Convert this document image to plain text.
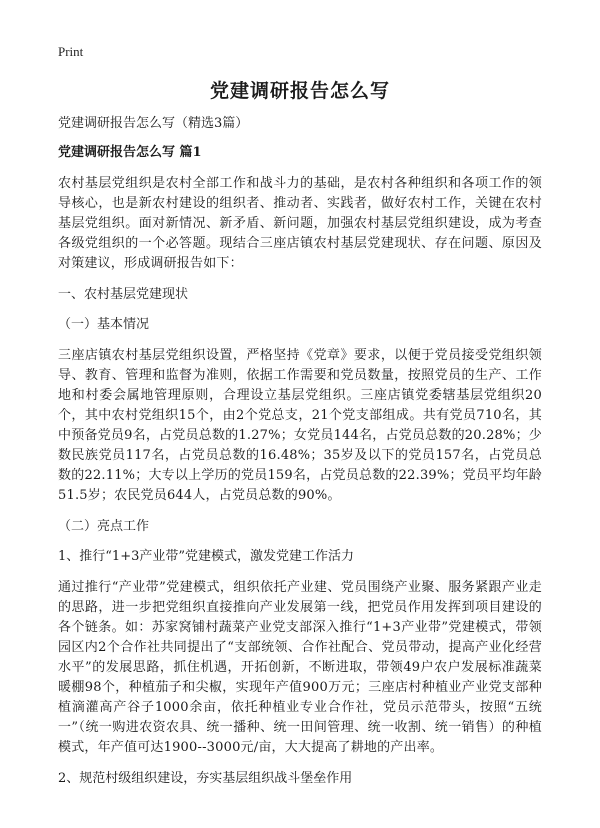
Print
党建调研报告怎么写
党建调研报告怎么写（精选3篇）
党建调研报告怎么写 篇1

农村基层党组织是农村全部工作和战斗力的基础，是农村各种组织和各项工作的领导核心，也是新农村建设的组织者、推动者、实践者，做好农村工作，关键在农村基层党组织。面对新情况、新矛盾、新问题，加强农村基层党组织建设，成为考查各级党组织的一个必答题。现结合三座店镇农村基层党建现状、存在问题、原因及对策建议，形成调研报告如下：

一、农村基层党建现状
（一）基本情况

三座店镇农村基层党组织设置，严格坚持《党章》要求，以便于党员接受党组织领导、教育、管理和监督为准则，依据工作需要和党员数量，按照党员的生产、工作地和村委会属地管理原则，合理设立基层党组织。三座店镇党委辖基层党组织20个，其中农村党组织15个，由2个党总支，21个党支部组成。共有党员710名，其中预备党员9名，占党员总数的1.27%；女党员144名，占党员总数的20.28%；少数民族党员117名，占党员总数的16.48%；35岁及以下的党员157名，占党员总数的22.11%；大专以上学历的党员159名，占党员总数的22.39%；党员平均年龄51.5岁；农民党员644人，占党员总数的90%。

（二）亮点工作
1、推行“1+3产业带”党建模式，激发党建工作活力

通过推行“产业带”党建模式，组织依托产业建、党员围绕产业聚、服务紧跟产业走的思路，进一步把党组织直接推向产业发展第一线，把党员作用发挥到项目建设的各个链条。如：苏家窝铺村蔬菜产业党支部深入推行“1+3产业带”党建模式，带领园区内2个合作社共同提出了“支部统领、合作社配合、党员带动，提高产业化经营水平”的发展思路，抓住机遇，开拓创新，不断进取，带领49户农户发展标准蔬菜暖棚98个，种植茄子和尖椒，实现年产值900万元；三座店村种植业产业党支部种植滴灌高产谷子1000余亩，依托种植业专业合作社，党员示范带头，按照“五统一”（统一购进农资农具、统一播种、统一田间管理、统一收割、统一销售）的种植模式，年产值可达1900--3000元/亩，大大提高了耕地的产出率。

2、规范村级组织建设，夯实基层组织战斗堡垒作用
